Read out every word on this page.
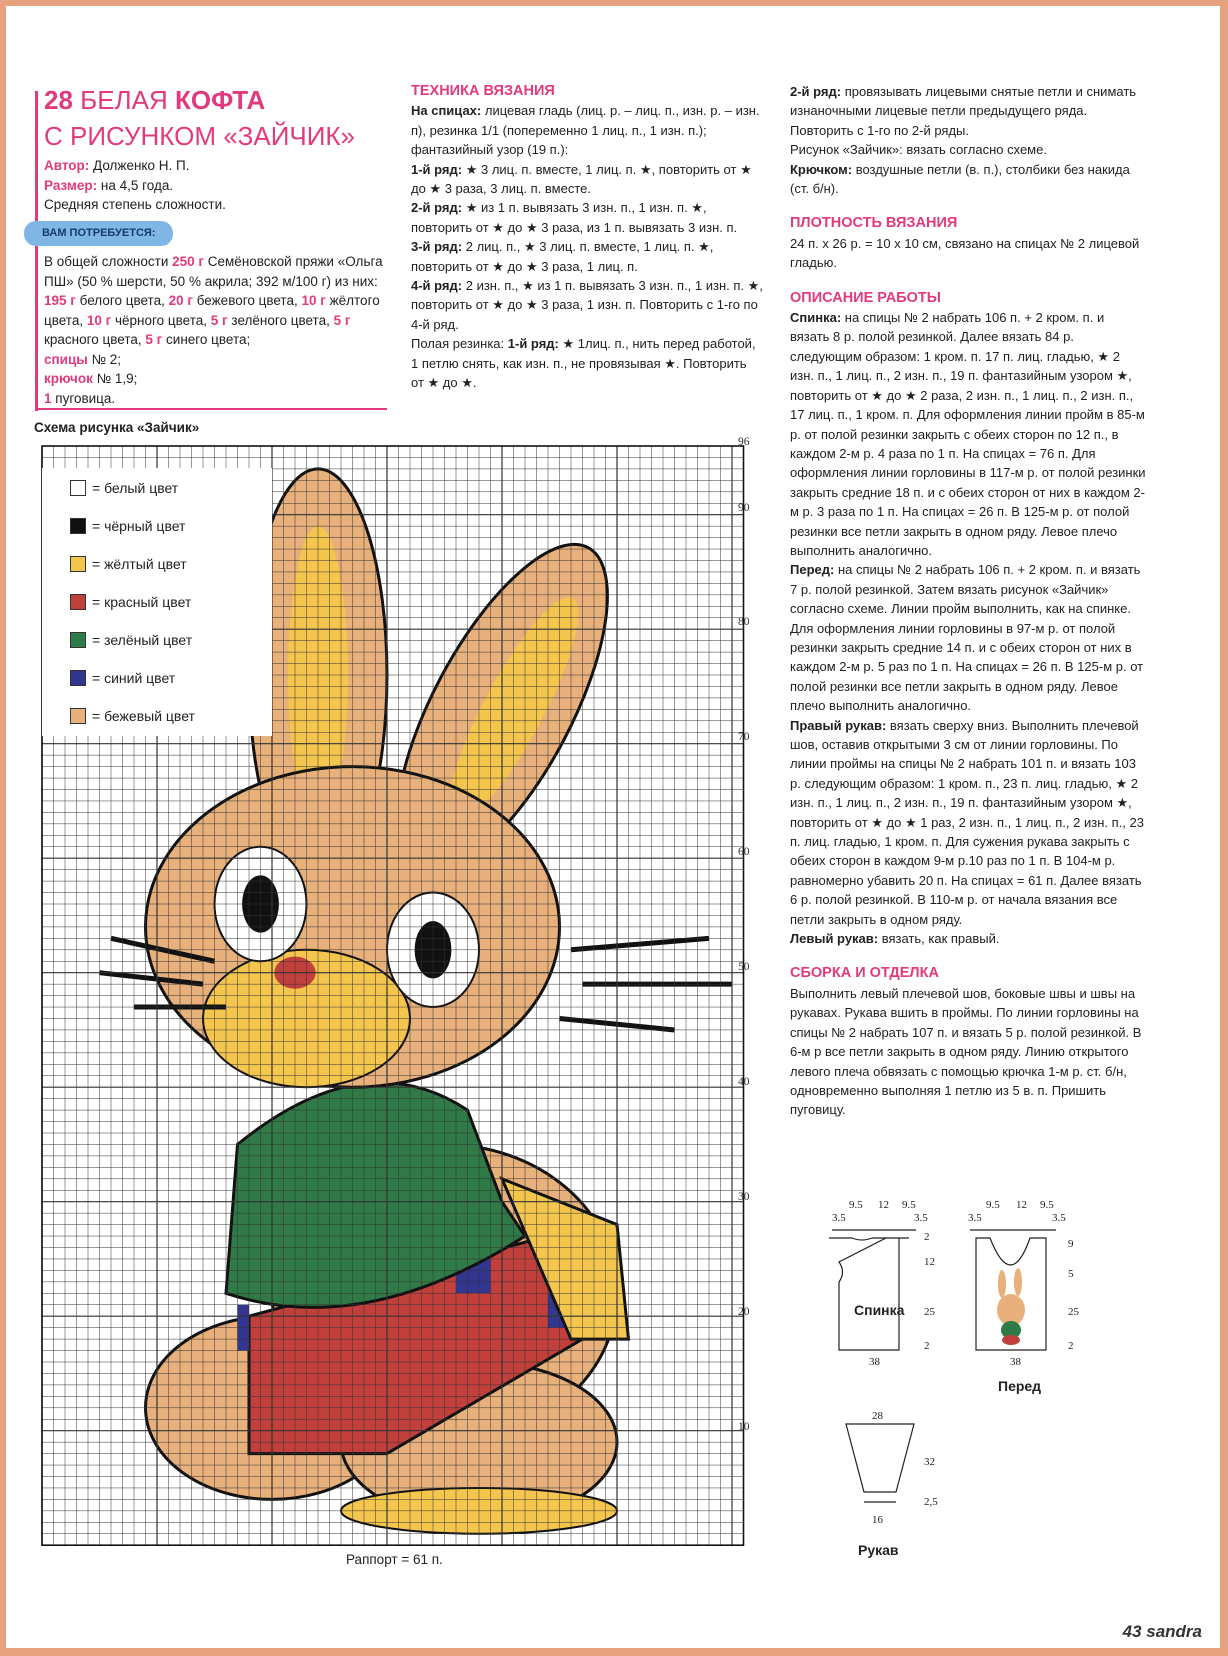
28 БЕЛАЯ КОФТА
С РИСУНКОМ «ЗАЙЧИК»

Автор: Долженко Н. П.

Размер: на 4,5 года.

Средняя степень сложности.

ВАМ ПОТРЕБУЕТСЯ:

В общей сложности 250 г Семёновской пряжи «Ольга ПШ» (50 % шерсти, 50 % акрила; 392 м/100 г) из них: 195 г белого цвета, 20 г бежевого цвета, 10 г жёлтого цвета, 10 г чёрного цвета, 5 г зелёного цвета, 5 г красного цвета, 5 г синего цвета;

спицы № 2;

крючок № 1,9;

1 пуговица.

ТЕХНИКА ВЯЗАНИЯ

На спицах: лицевая гладь (лиц. р. – лиц. п., изн. р. – изн. п), резинка 1/1 (попеременно 1 лиц. п., 1 изн. п.);

фантазийный узор (19 п.):

1-й ряд: ★ 3 лиц. п. вместе, 1 лиц. п. ★, повторить от ★ до ★ 3 раза, 3 лиц. п. вместе.

2-й ряд: ★ из 1 п. вывязать 3 изн. п., 1 изн. п. ★, повторить от ★ до ★ 3 раза, из 1 п. вывязать 3 изн. п.

3-й ряд: 2 лиц. п., ★ 3 лиц. п. вместе, 1 лиц. п. ★, повторить от ★ до ★ 3 раза, 1 лиц. п.

4-й ряд: 2 изн. п., ★ из 1 п. вывязать 3 изн. п., 1 изн. п. ★, повторить от ★ до ★ 3 раза, 1 изн. п. Повторить с 1-го по 4-й ряд.

Полая резинка: 1-й ряд: ★ 1лиц. п., нить перед работой, 1 петлю снять, как изн. п., не провязывая ★. Повторить от ★ до ★.

2-й ряд: провязывать лицевыми снятые петли и снимать изнаночными лицевые петли предыдущего ряда. Повторить с 1-го по 2-й ряды.

Рисунок «Зайчик»: вязать согласно схеме.

Крючком: воздушные петли (в. п.), столбики без накида (ст. б/н).

ПЛОТНОСТЬ ВЯЗАНИЯ

24 п. х 26 р. = 10 х 10 см, связано на спицах № 2 лицевой гладью.

ОПИСАНИЕ РАБОТЫ

Спинка: на спицы № 2 набрать 106 п. + 2 кром. п. и вязать 8 р. полой резинкой. Далее вязать 84 р. следующим образом: 1 кром. п. 17 п. лиц. гладью, ★ 2 изн. п., 1 лиц. п., 2 изн. п., 19 п. фантазийным узором ★, повторить от ★ до ★ 2 раза, 2 изн. п., 1 лиц. п., 2 изн. п., 17 лиц. п., 1 кром. п. Для оформления линии пройм в 85-м р. от полой резинки закрыть с обеих сторон по 12 п., в каждом 2-м р. 4 раза по 1 п. На спицах = 76 п. Для оформления линии горловины в 117-м р. от полой резинки закрыть средние 18 п. и с обеих сторон от них в каждом 2-м р. 3 раза по 1 п. На спицах = 26 п. В 125-м р. от полой резинки все петли закрыть в одном ряду. Левое плечо выполнить аналогично.

Перед: на спицы № 2 набрать 106 п. + 2 кром. п. и вязать 7 р. полой резинкой. Затем вязать рисунок «Зайчик» согласно схеме. Линии пройм выполнить, как на спинке. Для оформления линии горловины в 97-м р. от полой резинки закрыть средние 14 п. и с обеих сторон от них в каждом 2-м р. 5 раз по 1 п. На спицах = 26 п. В 125-м р. от полой резинки все петли закрыть в одном ряду. Левое плечо выполнить аналогично.

Правый рукав: вязать сверху вниз. Выполнить плечевой шов, оставив открытыми 3 см от линии горловины. По линии проймы на спицы № 2 набрать 101 п. и вязать 103 р. следующим образом: 1 кром. п., 23 п. лиц. гладью, ★ 2 изн. п., 1 лиц. п., 2 изн. п., 19 п. фантазийным узором ★, повторить от ★ до ★ 1 раз, 2 изн. п., 1 лиц. п., 2 изн. п., 23 п. лиц. гладью, 1 кром. п. Для сужения рукава закрыть с обеих сторон в каждом 9-м р.10 раз по 1 п. В 104-м р. равномерно убавить 20 п. На спицах = 61 п. Далее вязать 6 р. полой резинкой. В 110-м р. от начала вязания все петли закрыть в одном ряду.

Левый рукав: вязать, как правый.

СБОРКА И ОТДЕЛКА

Выполнить левый плечевой шов, боковые швы и швы на рукавах. Рукава вшить в проймы. По линии горловины на спицы № 2 набрать 107 п. и вязать 5 р. полой резинкой. В 6-м р все петли закрыть в одном ряду. Линию открытого левого плеча обвязать с помощью крючка 1-м р. ст. б/н, одновременно выполняя 1 петлю из 5 в. п. Пришить пуговицу.

Схема рисунка «Зайчик»
= белый цвет
= чёрный цвет
= жёлтый цвет
= красный цвет
= зелёный цвет
= синий цвет
= бежевый цвет
96
90
80
70
60
50
40
30
20
10
Раппорт = 61 п.
9.5 12 9.5
3.5	3.5
2
12
25
2
38
Спинка
9.5 12 9.5
3.5	3.5
9
5
25
2
38
Перед
28
32
2,5
16
Рукав
43 sandra
